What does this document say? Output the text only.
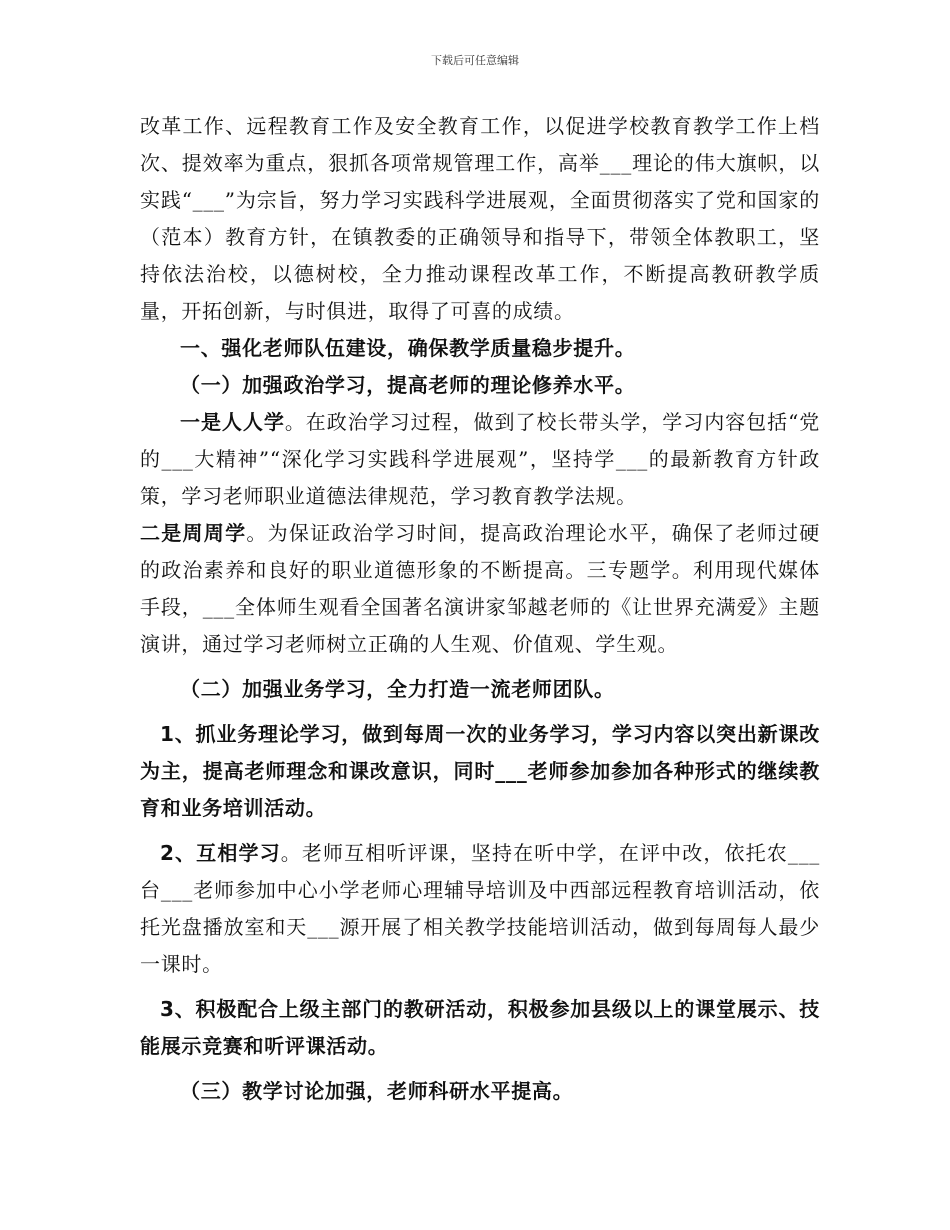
下载后可任意编辑

改革工作、远程教育工作及安全教育工作，以促进学校教育教学工作上档次、提效率为重点，狠抓各项常规管理工作，高举___理论的伟大旗帜，以实践“___”为宗旨，努力学习实践科学进展观，全面贯彻落实了党和国家的（范本）教育方针，在镇教委的正确领导和指导下，带领全体教职工，坚持依法治校，以德树校，全力推动课程改革工作，不断提高教研教学质量，开拓创新，与时俱进，取得了可喜的成绩。

一、强化老师队伍建设，确保教学质量稳步提升。

（一）加强政治学习，提高老师的理论修养水平。

一是人人学。在政治学习过程，做到了校长带头学，学习内容包括“党的___大精神”“深化学习实践科学进展观”，坚持学___的最新教育方针政策，学习老师职业道德法律规范，学习教育教学法规。

二是周周学。为保证政治学习时间，提高政治理论水平，确保了老师过硬的政治素养和良好的职业道德形象的不断提高。三专题学。利用现代媒体手段，___全体师生观看全国著名演讲家邹越老师的《让世界充满爱》主题演讲，通过学习老师树立正确的人生观、价值观、学生观。

（二）加强业务学习，全力打造一流老师团队。

1、抓业务理论学习，做到每周一次的业务学习，学习内容以突出新课改为主，提高老师理念和课改意识，同时___老师参加参加各种形式的继续教育和业务培训活动。

2、互相学习。老师互相听评课，坚持在听中学，在评中改，依托农___台___老师参加中心小学老师心理辅导培训及中西部远程教育培训活动，依托光盘播放室和天___源开展了相关教学技能培训活动，做到每周每人最少一课时。

3、积极配合上级主部门的教研活动，积极参加县级以上的课堂展示、技能展示竞赛和听评课活动。

（三）教学讨论加强，老师科研水平提高。
